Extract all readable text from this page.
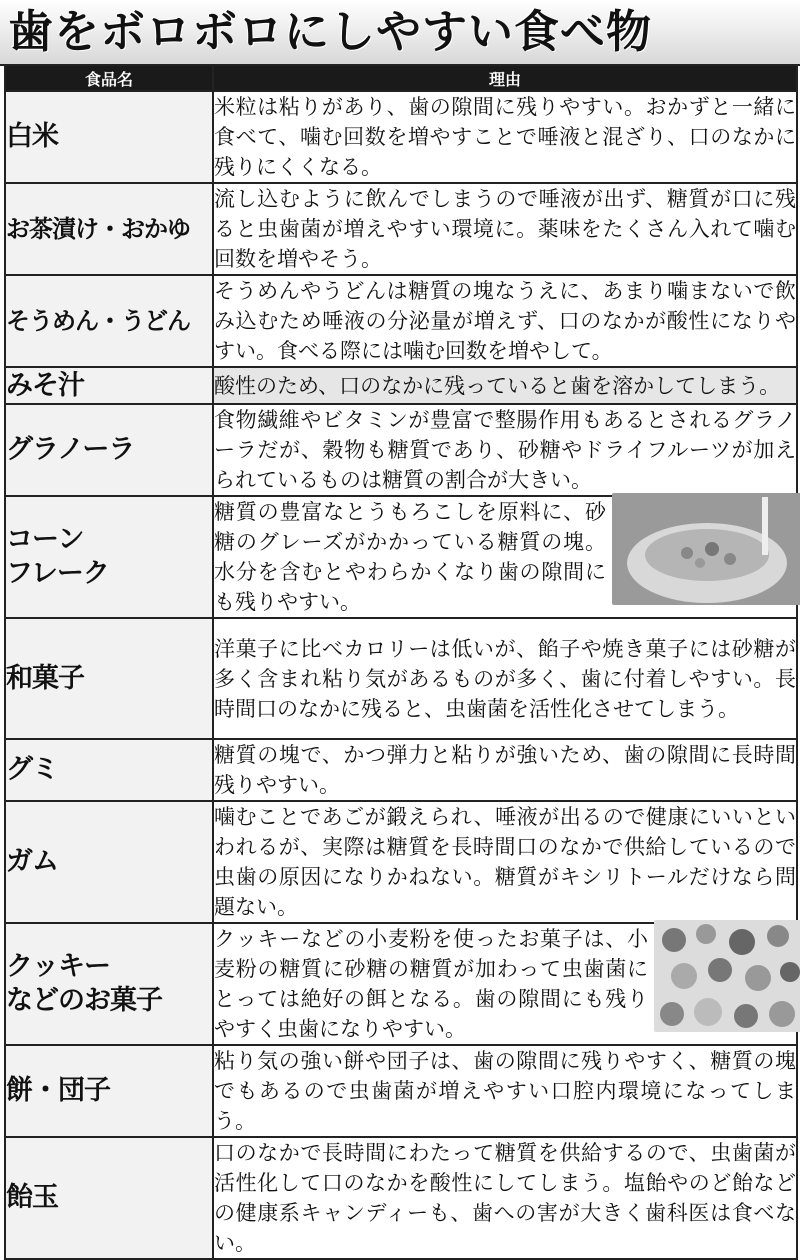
歯をボロボロにしやすい食べ物
食品名	理由
白米	米粒は粘りがあり、歯の隙間に残りやすい。おかずと一緒に食べて、噛む回数を増やすことで唾液と混ざり、口のなかに残りにくくなる。
お茶漬け・おかゆ	流し込むように飲んでしまうので唾液が出ず、糖質が口に残ると虫歯菌が増えやすい環境に。薬味をたくさん入れて噛む回数を増やそう。
そうめん・うどん	そうめんやうどんは糖質の塊なうえに、あまり噛まないで飲み込むため唾液の分泌量が増えず、口のなかが酸性になりやすい。食べる際には噛む回数を増やして。
みそ汁	酸性のため、口のなかに残っていると歯を溶かしてしまう。
グラノーラ	食物繊維やビタミンが豊富で整腸作用もあるとされるグラノーラだが、穀物も糖質であり、砂糖やドライフルーツが加えられているものは糖質の割合が大きい。
コーン
フレーク	糖質の豊富なとうもろこしを原料に、砂糖のグレーズがかかっている糖質の塊。水分を含むとやわらかくなり歯の隙間にも残りやすい。
和菓子	洋菓子に比べカロリーは低いが、餡子や焼き菓子には砂糖が多く含まれ粘り気があるものが多く、歯に付着しやすい。長時間口のなかに残ると、虫歯菌を活性化させてしまう。
グミ	糖質の塊で、かつ弾力と粘りが強いため、歯の隙間に長時間残りやすい。
ガム	噛むことであごが鍛えられ、唾液が出るので健康にいいといわれるが、実際は糖質を長時間口のなかで供給しているので虫歯の原因になりかねない。糖質がキシリトールだけなら問題ない。
クッキー
などのお菓子	クッキーなどの小麦粉を使ったお菓子は、小麦粉の糖質に砂糖の糖質が加わって虫歯菌にとっては絶好の餌となる。歯の隙間にも残りやすく虫歯になりやすい。
餅・団子	粘り気の強い餅や団子は、歯の隙間に残りやすく、糖質の塊でもあるので虫歯菌が増えやすい口腔内環境になってしまう。
飴玉	口のなかで長時間にわたって糖質を供給するので、虫歯菌が活性化して口のなかを酸性にしてしまう。塩飴やのど飴などの健康系キャンディーも、歯への害が大きく歯科医は食べない。
